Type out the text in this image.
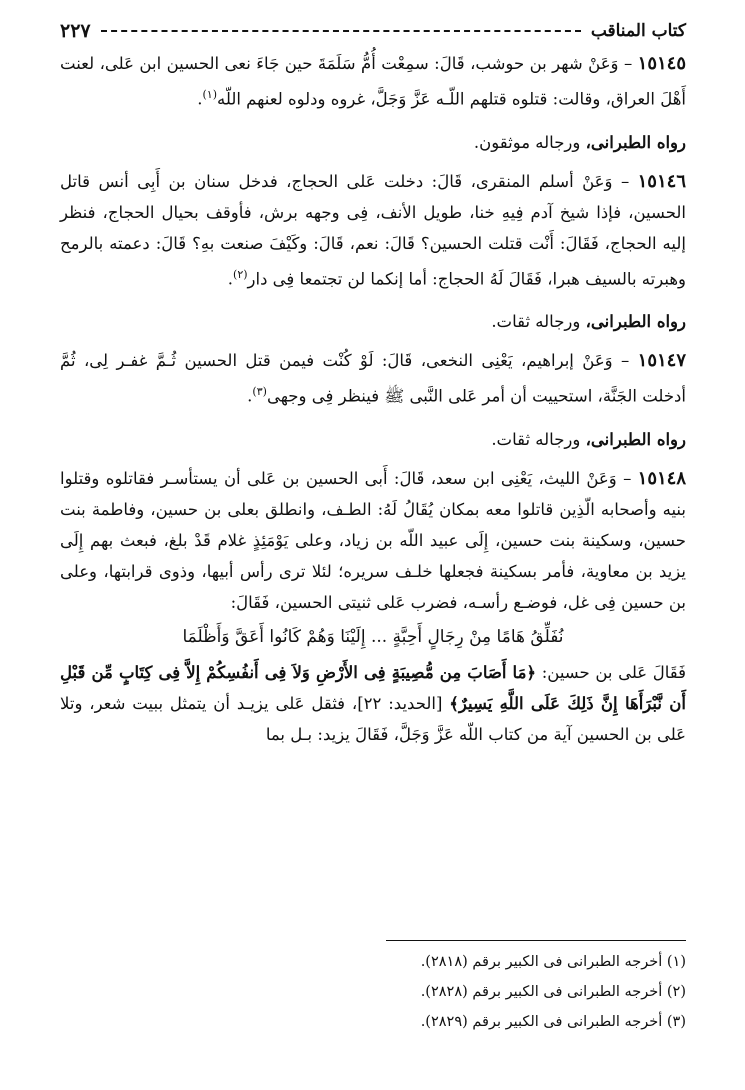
كتاب المناقب
٢٢٧

١٥١٤٥ – وَعَنْ شهر بن حوشب، قَالَ: سمِعْت أُمُّ سَلَمَةَ حين جَاءَ نعى الحسين ابن عَلى، لعنت أَهْلَ العراق، وقالت: قتلوه قتلهم اللّـه عَزَّ وَجَلَّ، غروه ودلوه لعنهم اللّه$^{(١)}$.

رواه الطبرانى، ورجاله موثقون.

١٥١٤٦ – وَعَنْ أسلم المنقرى، قَالَ: دخلت عَلى الحجاج، فدخل سنان بن أَبِى أنس قاتل الحسين، فإذا شيخ آدم فِيهِ خنا، طويل الأنف، فِى وجهه برش، فأوقف بحيال الحجاج، فنظر إليه الحجاج، فَقَالَ: أَنْت قتلت الحسين؟ قَالَ: نعم، قَالَ: وكَيْفَ صنعت بهِ؟ قَالَ: دعمته بالرمح وهبرته بالسيف هبرا، فَقَالَ لَهُ الحجاج: أما إنكما لن تجتمعا فِى دار$^{(٢)}$.

رواه الطبرانى، ورجاله ثقات.

١٥١٤٧ – وَعَنْ إبراهيم، يَعْنِى النخعى، قَالَ: لَوْ كُنْت فيمن قتل الحسين ثُـمَّ غفـر لِى، ثُمَّ أدخلت الجَنَّة، استحييت أن أمر عَلى النَّبى ﷺ فينظر فِى وجهى$^{(٣)}$.

رواه الطبرانى، ورجاله ثقات.

١٥١٤٨ – وَعَنْ الليث، يَعْنِى ابن سعد، قَالَ: أَبى الحسين بن عَلى أن يستأسـر فقاتلوه وقتلوا بنيه وأصحابه الّذِين قاتلوا معه بمكان يُقَالُ لَهُ: الطـف، وانطلق بعلى بن حسين، وفاطمة بنت حسين، وسكينة بنت حسين، إِلَى عبيد اللّه بن زياد، وعلى يَوْمَئِذٍ غلام قَدْ بلغ، فبعث بهم إِلَى يزيد بن معاوية، فأمر بسكينة فجعلها خلـف سريره؛ لئلا ترى رأس أبيها، وذوى قرابتها، وعلى بن حسين فِى غل، فوضـع رأسـه، فضرب عَلى ثنيتى الحسين، فَقَالَ:

نُفَلِّقُ هَامًا مِنْ رِجَالٍ أَحِبَّةٍ ... إِلَيْنَا وَهُمْ كَانُوا أَعَقَّ وَأَظْلَمَا

فَقَالَ عَلى بن حسين: ﴿مَا أَصَابَ مِن مُّصِيبَةٍ فِى الأَرْضِ وَلاَ فِى أَنفُسِكُمْ إِلاَّ فِى كِتَابٍ مِّن قَبْلِ أَن نَّبْرَأَهَا إِنَّ ذَلِكَ عَلَى اللَّهِ يَسِيرٌ﴾ [الحديد: ٢٢]، فثقل عَلى يزيـد أن يتمثل ببيت شعر، وتلا عَلى بن الحسين آية من كتاب اللّه عَزَّ وَجَلَّ، فَقَالَ يزيد: بـل بما

(١) أخرجه الطبرانى فى الكبير برقم (٢٨١٨).
(٢) أخرجه الطبرانى فى الكبير برقم (٢٨٢٨).
(٣) أخرجه الطبرانى فى الكبير برقم (٢٨٢٩).
